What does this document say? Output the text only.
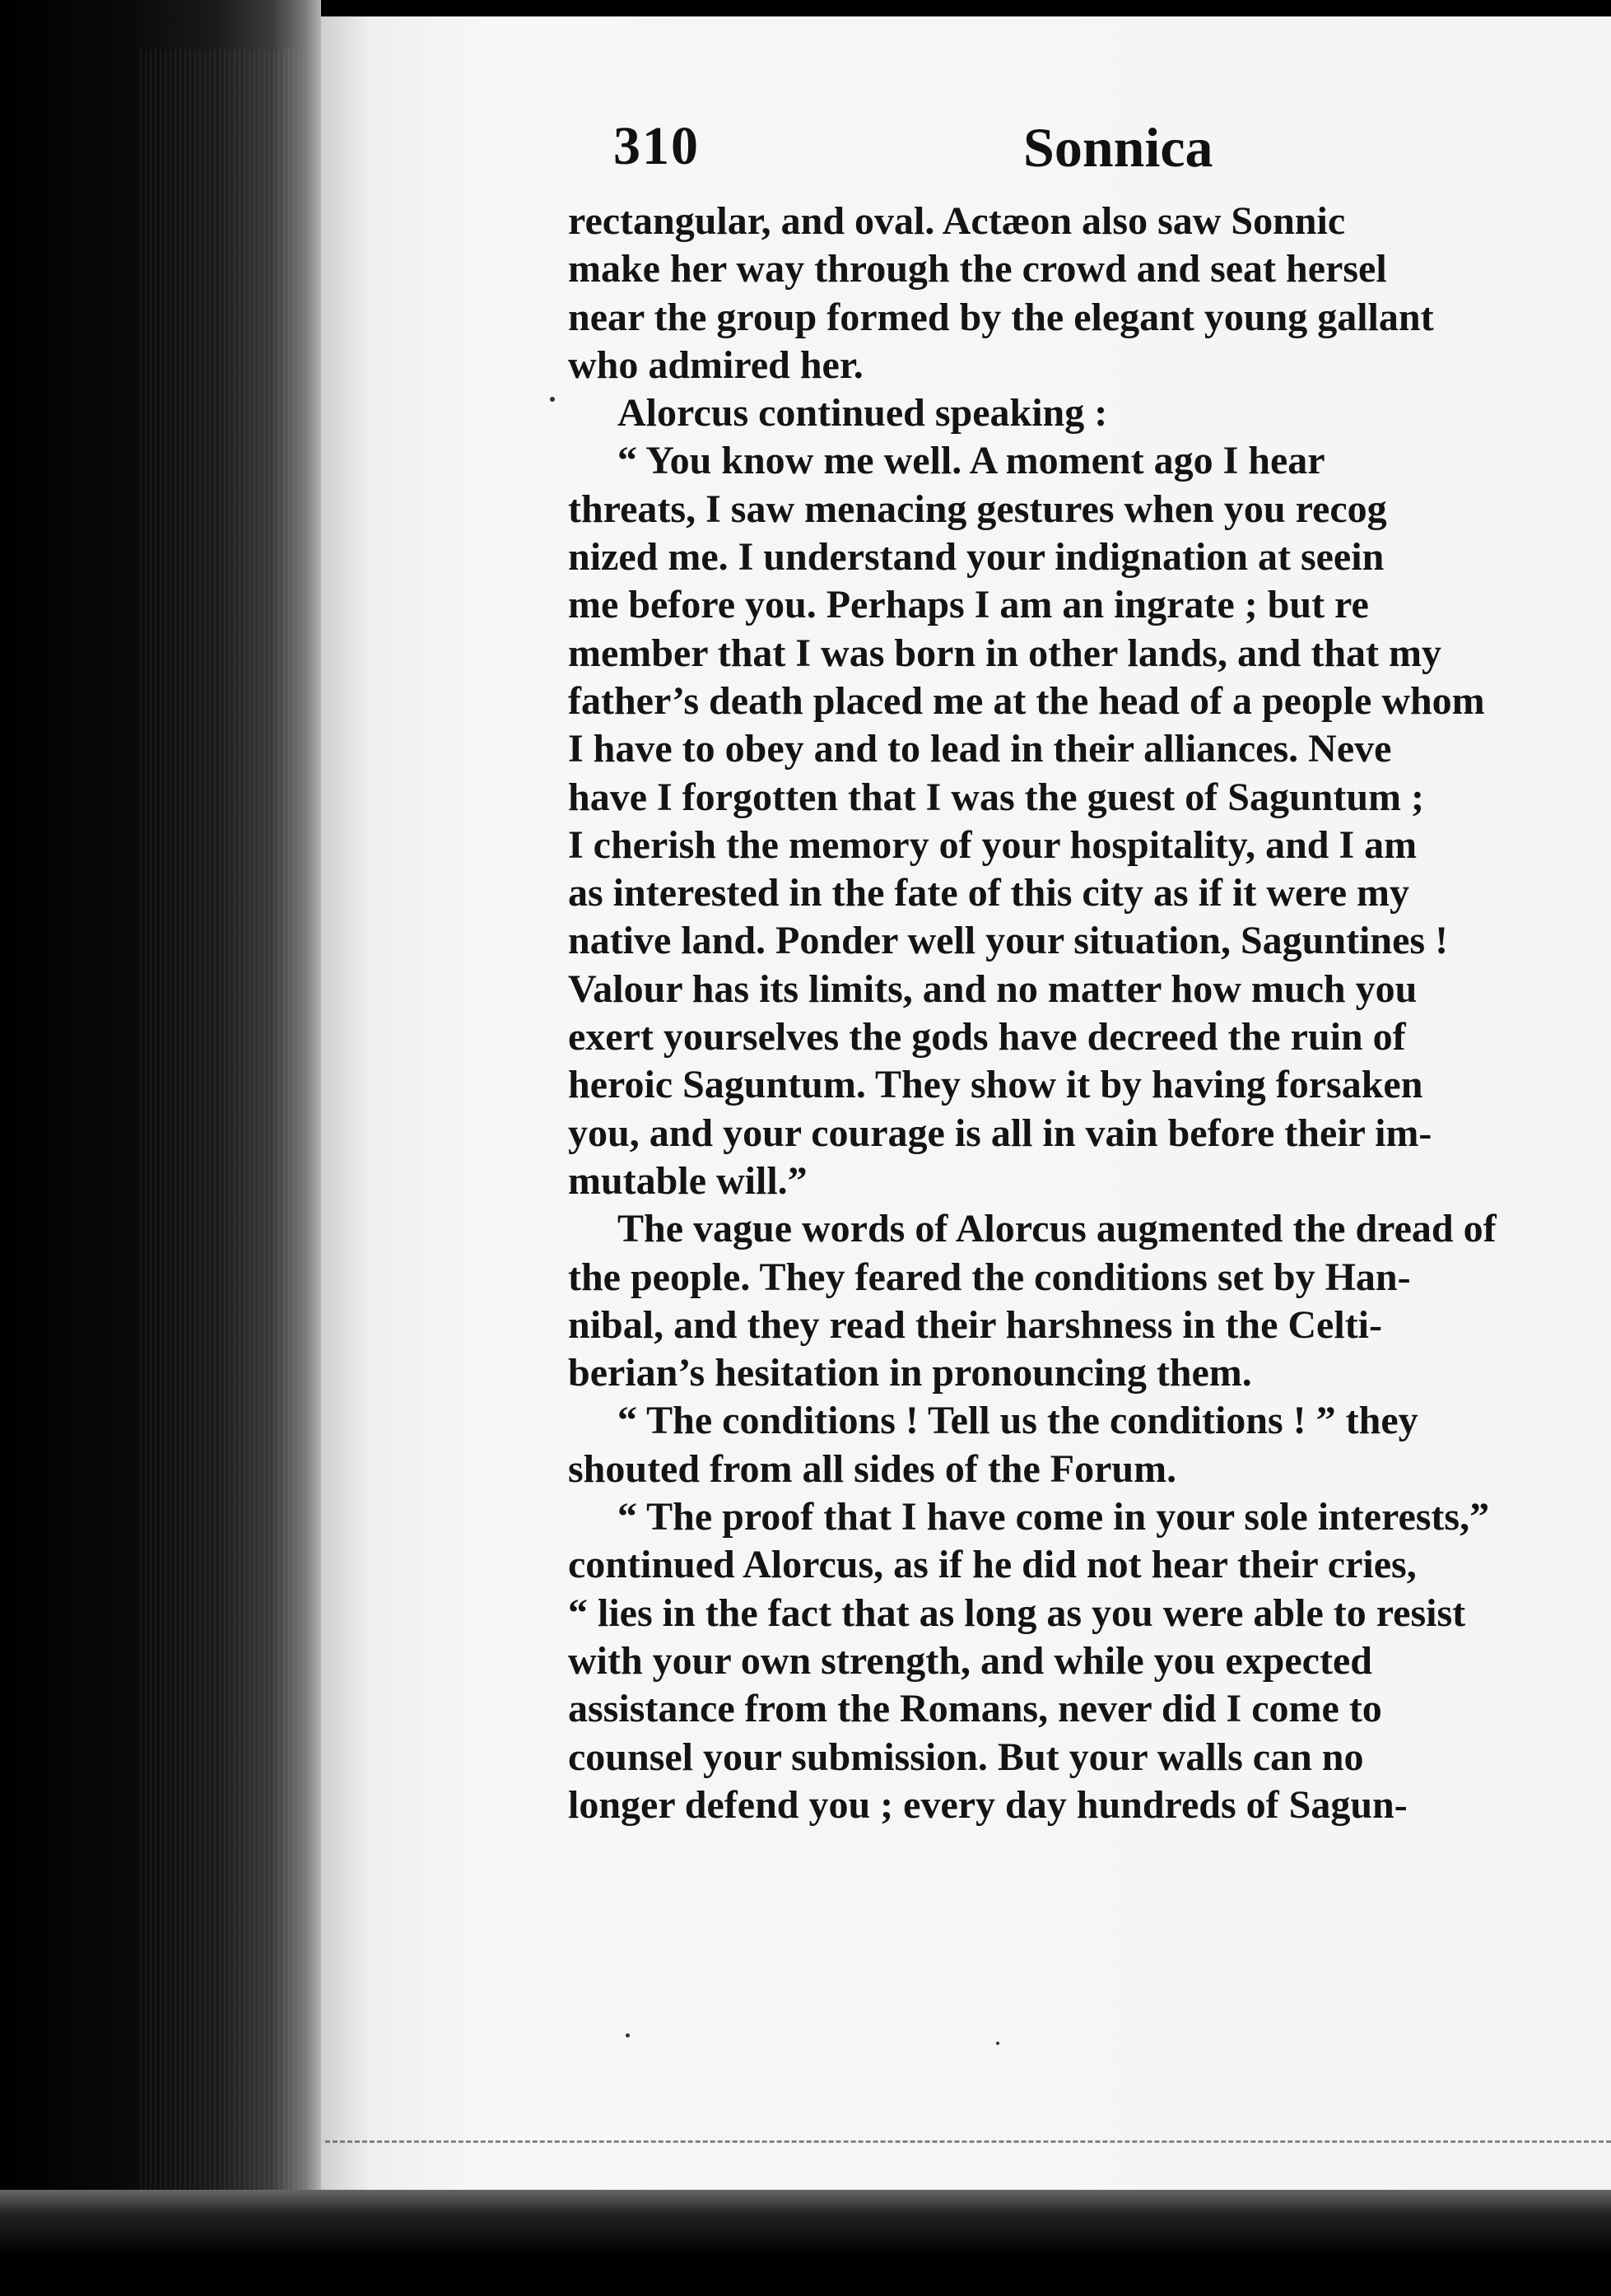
310	Sonnica
rectangular, and oval. Actæon also saw Sonnic
make her way through the crowd and seat hersel
near the group formed by the elegant young gallant
who admired her.
Alorcus continued speaking :
“ You know me well. A moment ago I hear
threats, I saw menacing gestures when you recog
nized me. I understand your indignation at seein
me before you. Perhaps I am an ingrate ; but re
member that I was born in other lands, and that my
father’s death placed me at the head of a people whom
I have to obey and to lead in their alliances. Neve
have I forgotten that I was the guest of Saguntum ;
I cherish the memory of your hospitality, and I am
as interested in the fate of this city as if it were my
native land. Ponder well your situation, Saguntines !
Valour has its limits, and no matter how much you
exert yourselves the gods have decreed the ruin of
heroic Saguntum. They show it by having forsaken
you, and your courage is all in vain before their im-
mutable will.”
The vague words of Alorcus augmented the dread of
the people. They feared the conditions set by Han-
nibal, and they read their harshness in the Celti-
berian’s hesitation in pronouncing them.
“ The conditions ! Tell us the conditions ! ” they
shouted from all sides of the Forum.
“ The proof that I have come in your sole interests,”
continued Alorcus, as if he did not hear their cries,
“ lies in the fact that as long as you were able to resist
with your own strength, and while you expected
assistance from the Romans, never did I come to
counsel your submission. But your walls can no
longer defend you ; every day hundreds of Sagun-
